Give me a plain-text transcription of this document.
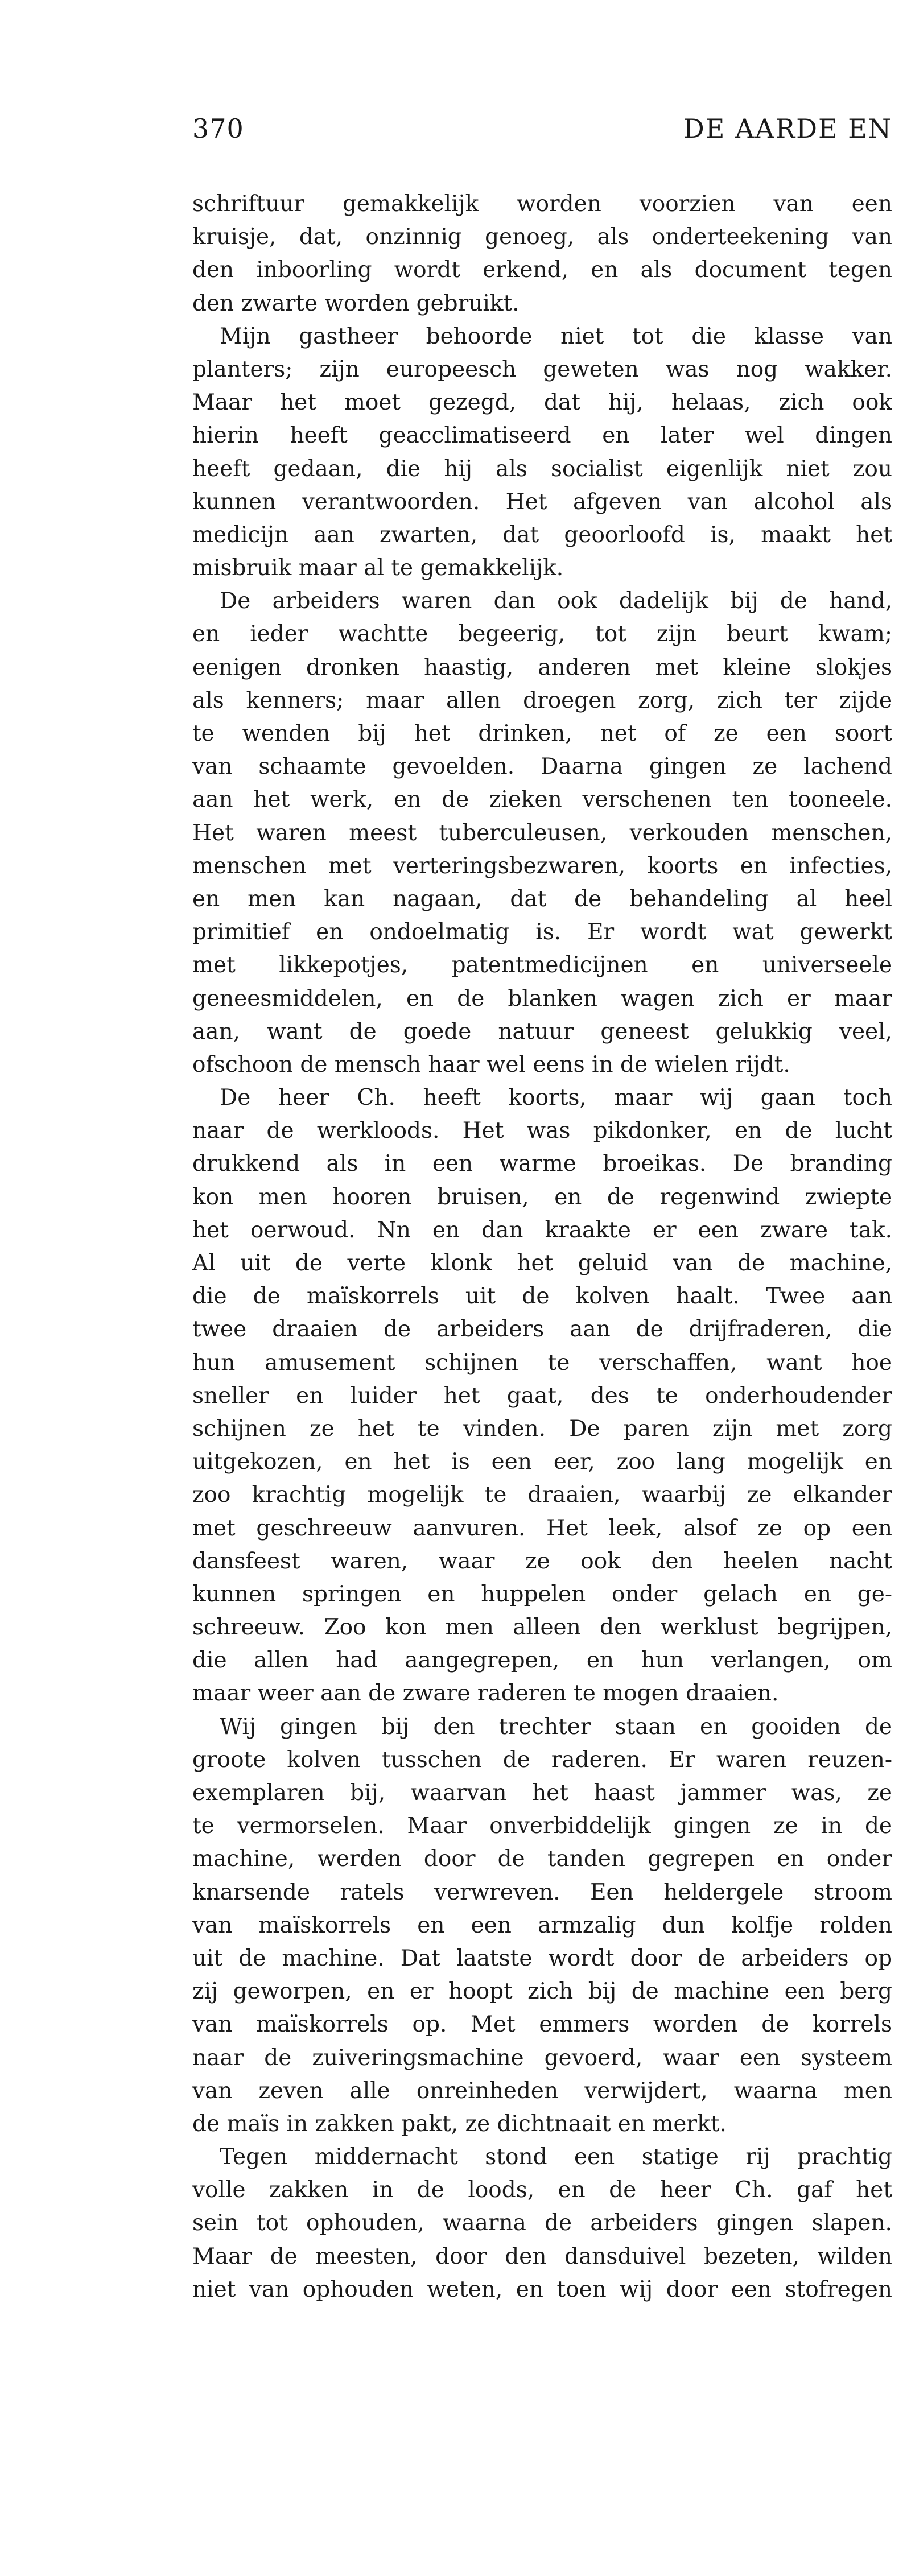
370	DE AARDE EN
schriftuur gemakkelijk worden voorzien van een
kruisje, dat, onzinnig genoeg, als onderteekening van
den inboorling wordt erkend, en als document tegen
den zwarte worden gebruikt.
Mijn gastheer behoorde niet tot die klasse van
planters; zijn europeesch geweten was nog wakker.
Maar het moet gezegd, dat hij, helaas, zich ook
hierin heeft geacclimatiseerd en later wel dingen
heeft gedaan, die hij als socialist eigenlijk niet zou
kunnen verantwoorden. Het afgeven van alcohol als
medicijn aan zwarten, dat geoorloofd is, maakt het
misbruik maar al te gemakkelijk.
De arbeiders waren dan ook dadelijk bij de hand,
en ieder wachtte begeerig, tot zijn beurt kwam;
eenigen dronken haastig, anderen met kleine slokjes
als kenners; maar allen droegen zorg, zich ter zijde
te wenden bij het drinken, net of ze een soort
van schaamte gevoelden. Daarna gingen ze lachend
aan het werk, en de zieken verschenen ten tooneele.
Het waren meest tuberculeusen, verkouden menschen,
menschen met verteringsbezwaren, koorts en infecties,
en men kan nagaan, dat de behandeling al heel
primitief en ondoelmatig is. Er wordt wat gewerkt
met likkepotjes, patentmedicijnen en universeele
geneesmiddelen, en de blanken wagen zich er maar
aan, want de goede natuur geneest gelukkig veel,
ofschoon de mensch haar wel eens in de wielen rijdt.
De heer Ch. heeft koorts, maar wij gaan toch
naar de werkloods. Het was pikdonker, en de lucht
drukkend als in een warme broeikas. De branding
kon men hooren bruisen, en de regenwind zwiepte
het oerwoud. Nn en dan kraakte er een zware tak.
Al uit de verte klonk het geluid van de machine,
die de maïskorrels uit de kolven haalt. Twee aan
twee draaien de arbeiders aan de drijfraderen, die
hun amusement schijnen te verschaffen, want hoe
sneller en luider het gaat, des te onderhoudender
schijnen ze het te vinden. De paren zijn met zorg
uitgekozen, en het is een eer, zoo lang mogelijk en
zoo krachtig mogelijk te draaien, waarbij ze elkander
met geschreeuw aanvuren. Het leek, alsof ze op een
dansfeest waren, waar ze ook den heelen nacht
kunnen springen en huppelen onder gelach en ge-
schreeuw. Zoo kon men alleen den werklust begrijpen,
die allen had aangegrepen, en hun verlangen, om
maar weer aan de zware raderen te mogen draaien.
Wij gingen bij den trechter staan en gooiden de
groote kolven tusschen de raderen. Er waren reuzen-
exemplaren bij, waarvan het haast jammer was, ze
te vermorselen. Maar onverbiddelijk gingen ze in de
machine, werden door de tanden gegrepen en onder
knarsende ratels verwreven. Een heldergele stroom
van maïskorrels en een armzalig dun kolfje rolden
uit de machine. Dat laatste wordt door de arbeiders op
zij geworpen, en er hoopt zich bij de machine een berg
van maïskorrels op. Met emmers worden de korrels
naar de zuiveringsmachine gevoerd, waar een systeem
van zeven alle onreinheden verwijdert, waarna men
de maïs in zakken pakt, ze dichtnaait en merkt.
Tegen middernacht stond een statige rij prachtig
volle zakken in de loods, en de heer Ch. gaf het
sein tot ophouden, waarna de arbeiders gingen slapen.
Maar de meesten, door den dansduivel bezeten, wilden
niet van ophouden weten, en toen wij door een stofregen
